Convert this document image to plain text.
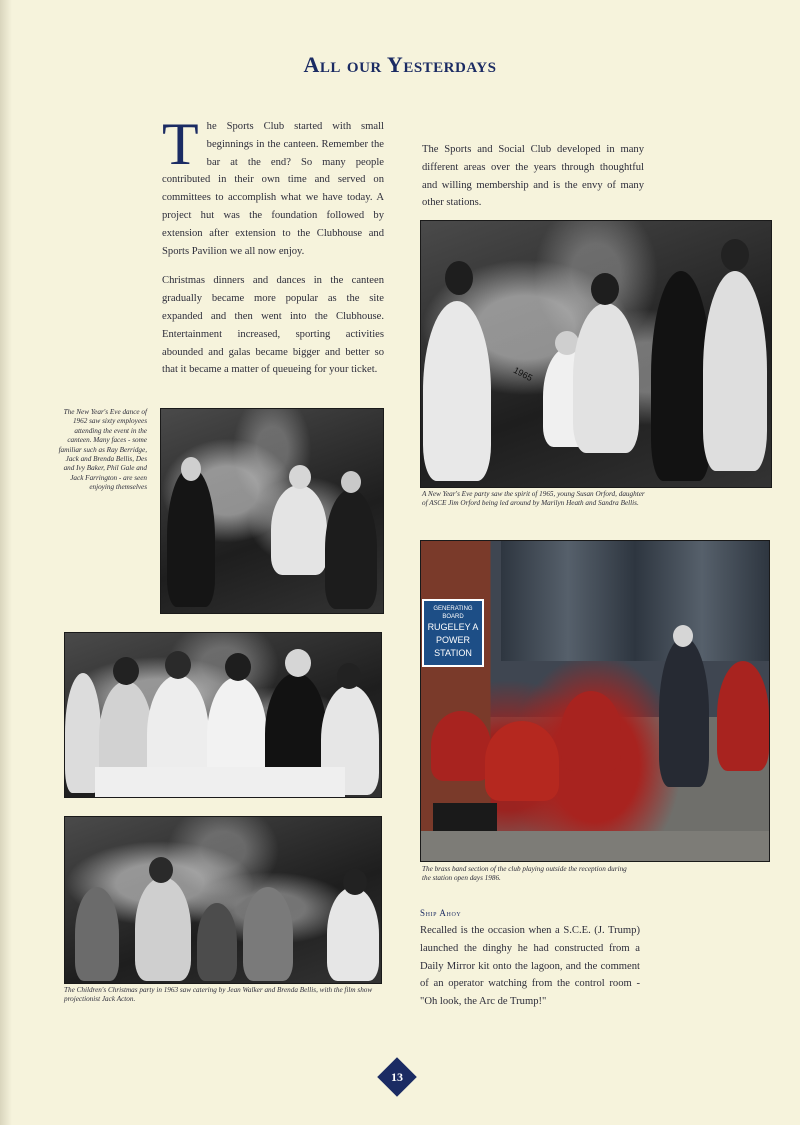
All our Yesterdays

The Sports Club started with small beginnings in the canteen. Remember the bar at the end? So many people contributed in their own time and served on committees to accomplish what we have today. A project hut was the foundation followed by extension after extension to the Clubhouse and Sports Pavilion we all now enjoy.

Christmas dinners and dances in the canteen gradually became more popular as the site expanded and then went into the Clubhouse. Entertainment increased, sporting activities abounded and galas became bigger and better so that it became a matter of queueing for your ticket.

The Sports and Social Club developed in many different areas over the years through thoughtful and willing membership and is the envy of many other stations.
The New Year's Eve dance of 1962 saw sixty employees attending the event in the canteen. Many faces - some familiar such as Ray Berridge, Jack and Brenda Bellis, Des and Ivy Baker, Phil Gale and Jack Farrington - are seen enjoying themselves
1965
A New Year's Eve party saw the spirit of 1965, young Susan Orford, daughter of ASCE Jim Orford being led around by Marilyn Heath and Sandra Bellis.
The Children's Christmas party in 1963 saw catering by Jean Walker and Brenda Bellis, with the film show projectionist Jack Acton.
GENERATING BOARD
RUGELEY A
POWER
STATION
The brass band section of the club playing outside the reception during the station open days 1986.
Ship Ahoy
Recalled is the occasion when a S.C.E. (J. Trump) launched the dinghy he had constructed from a Daily Mirror kit onto the lagoon, and the comment of an operator watching from the control room - "Oh look, the Arc de Trump!"
13
